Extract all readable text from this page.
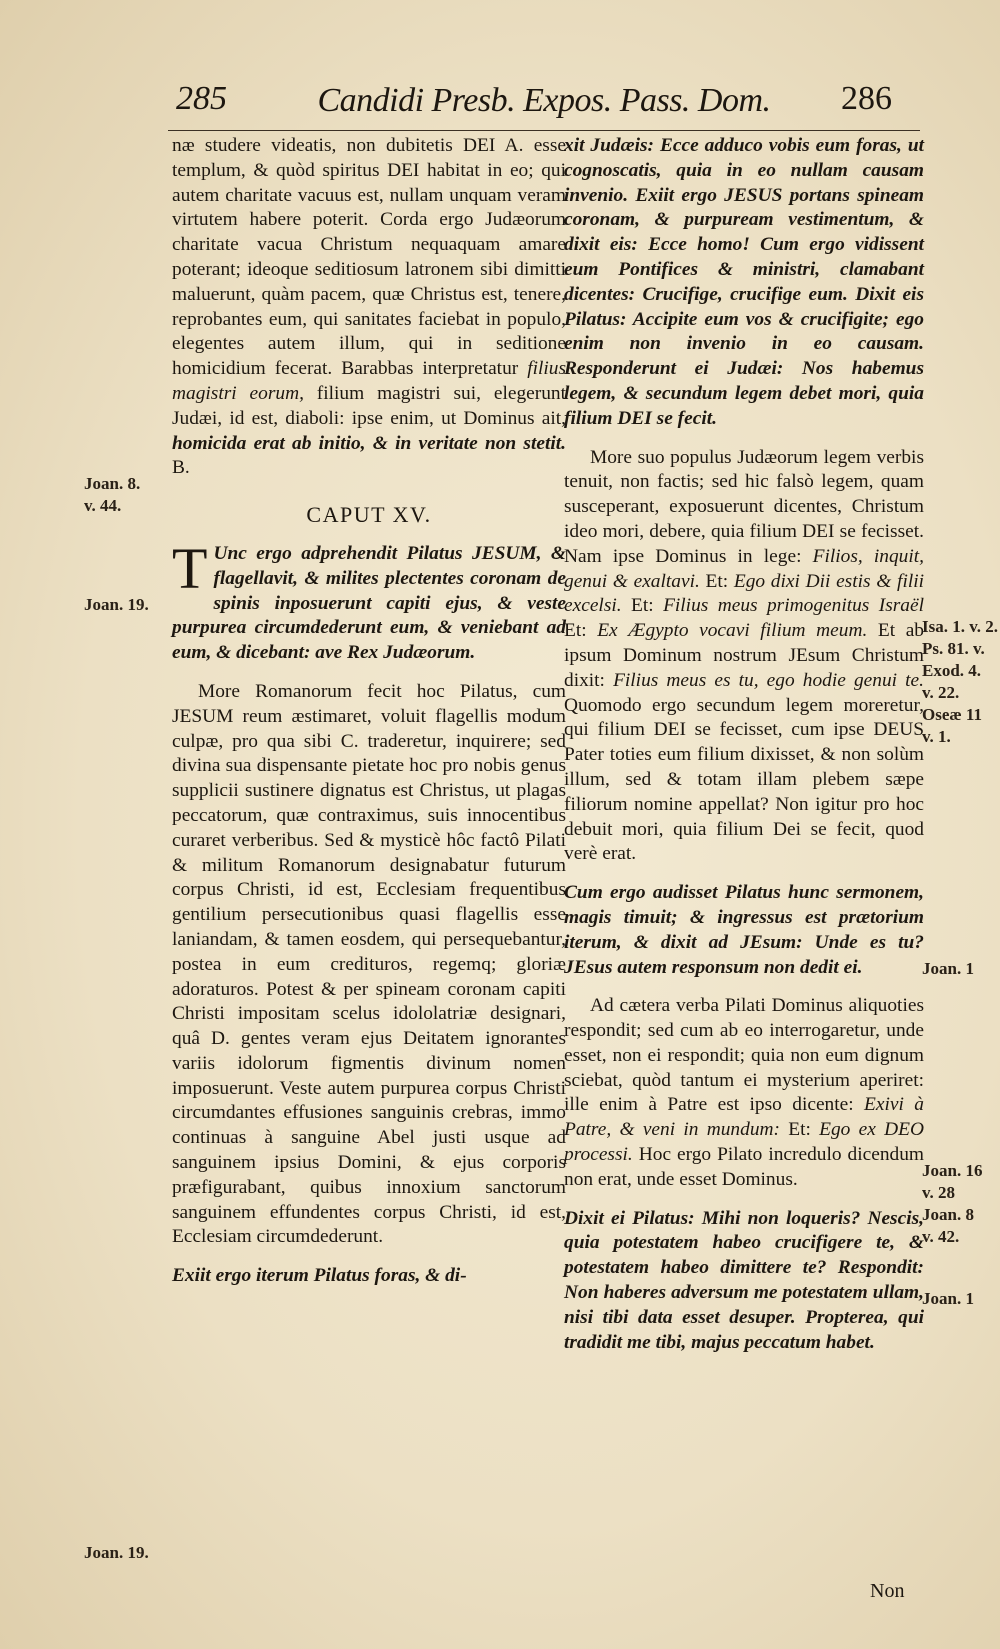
285	Candidi Presb. Expos. Pass. Dom.	286

næ studere videatis, non dubitetis DEI A. esse templum, & quòd spiritus DEI habitat in eo; qui autem charitate vacuus est, nullam unquam veram virtutem habere poterit. Corda ergo Judæorum charitate vacua Christum nequaquam amare poterant; ideoque seditiosum latronem sibi dimitti maluerunt, quàm pacem, quæ Christus est, tenere, reprobantes eum, qui sanitates faciebat in populo, elegentes autem illum, qui in seditione homicidium fecerat. Barabbas interpretatur filius magistri eorum, filium magistri sui, elegerunt Judæi, id est, diaboli: ipse enim, ut Dominus ait, homicida erat ab initio, & in veritate non stetit. B.

CAPUT XV.

T Unc ergo adprehendit Pilatus JESUM, & flagellavit, & milites plectentes coronam de spinis inposuerunt capiti ejus, & veste purpurea circumdederunt eum, & veniebant ad eum, & dicebant: ave Rex Judæorum.

More Romanorum fecit hoc Pilatus, cum JESUM reum æstimaret, voluit flagellis modum culpæ, pro qua sibi C. traderetur, inquirere; sed divina sua dispensante pietate hoc pro nobis genus supplicii sustinere dignatus est Christus, ut plagas peccatorum, quæ contraximus, suis innocentibus curaret verberibus. Sed & mysticè hôc factô Pilati & militum Romanorum designabatur futurum corpus Christi, id est, Ecclesiam frequentibus gentilium persecutionibus quasi flagellis esse laniandam, & tamen eosdem, qui persequebantur, postea in eum credituros, regemq; gloriæ adoraturos. Potest & per spineam coronam capiti Christi impositam scelus idololatriæ designari, quâ D. gentes veram ejus Deitatem ignorantes variis idolorum figmentis divinum nomen imposuerunt. Veste autem purpurea corpus Christi circumdantes effusiones sanguinis crebras, immo continuas à sanguine Abel justi usque ad sanguinem ipsius Domini, & ejus corporis præfigurabant, quibus innoxium sanctorum sanguinem effundentes corpus Christi, id est, Ecclesiam circumdederunt.

Exiit ergo iterum Pilatus foras, & di-

xit Judæis: Ecce adduco vobis eum foras, ut cognoscatis, quia in eo nullam causam invenio. Exiit ergo JESUS portans spineam coronam, & purpuream vestimentum, & dixit eis: Ecce homo! Cum ergo vidissent eum Pontifices & ministri, clamabant dicentes: Crucifige, crucifige eum. Dixit eis Pilatus: Accipite eum vos & crucifigite; ego enim non invenio in eo causam. Responderunt ei Judæi: Nos habemus legem, & secundum legem debet mori, quia filium DEI se fecit.

More suo populus Judæorum legem verbis tenuit, non factis; sed hic falsò legem, quam susceperant, exposuerunt dicentes, Christum ideo mori, debere, quia filium DEI se fecisset. Nam ipse Dominus in lege: Filios, inquit, genui & exaltavi. Et: Ego dixi Dii estis & filii excelsi. Et: Filius meus primogenitus Israël Et: Ex Ægypto vocavi filium meum. Et ab ipsum Dominum nostrum JEsum Christum dixit: Filius meus es tu, ego hodie genui te. Quomodo ergo secundum legem moreretur, qui filium DEI se fecisset, cum ipse DEUS Pater toties eum filium dixisset, & non solùm illum, sed & totam illam plebem sæpe filiorum nomine appellat? Non igitur pro hoc debuit mori, quia filium Dei se fecit, quod verè erat.

Cum ergo audisset Pilatus hunc sermonem, magis timuit; & ingressus est prætorium iterum, & dixit ad JEsum: Unde es tu? JEsus autem responsum non dedit ei.

Ad cætera verba Pilati Dominus aliquoties respondit; sed cum ab eo interrogaretur, unde esset, non ei respondit; quia non eum dignum sciebat, quòd tantum ei mysterium aperiret: ille enim à Patre est ipso dicente: Exivi à Patre, & veni in mundum: Et: Ego ex DEO processi. Hoc ergo Pilato incredulo dicendum non erat, unde esset Dominus.

Dixit ei Pilatus: Mihi non loqueris? Nescis, quia potestatem habeo crucifigere te, & potestatem habeo dimittere te? Respondit: Non haberes adversum me potestatem ullam, nisi tibi data esset desuper. Propterea, qui tradidit me tibi, majus peccatum habet.

Joan. 8.
v. 44.
Joan. 19.
Joan. 19.
Isa. 1. v. 2.
Ps. 81. v.
Exod. 4.
v. 22.
Oseæ 11
v. 1.
Joan. 1
Joan. 16
v. 28
Joan. 8
v. 42.
Joan. 1
Non
